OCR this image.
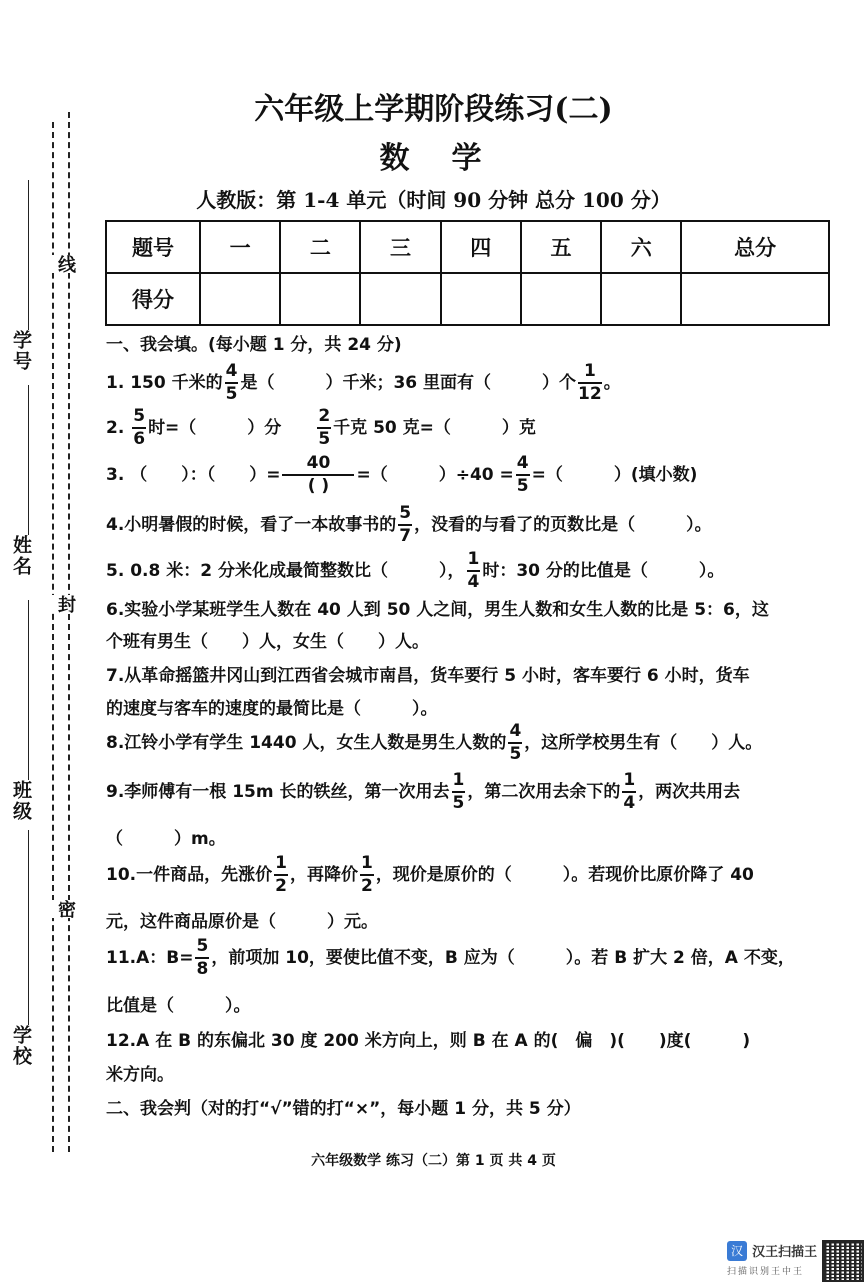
学号
姓名
班级
学校
线
封
密
六年级上学期阶段练习(二)
数　学
人教版：第 1-4 单元（时间 90 分钟 总分 100 分）
题号	一	二	三	四	五	六	总分
得分							
一、我会填。(每小题 1 分，共 24 分)
1. 150 千米的 $\frac{4}{5}$ 是（　　　）千米；36 里面有（　　　）个 $\frac{1}{12}$ 。
2. $\frac{5}{6}$ 时=（　　　）分　　 $\frac{2}{5}$ 千克 50 克=（　　　）克
3. （　　）：（　　）= $\frac{40}{( )}$ =（　　　）$\div 40 = \frac{4}{5}$ =（　　　）(填小数)
4.小明暑假的时候，看了一本故事书的 $\frac{5}{7}$ ，没看的与看了的页数比是（　　　）。
5. 0.8 米：2 分米化成最简整数比（　　　）， $\frac{1}{4}$ 时：30 分的比值是（　　　）。
6.实验小学某班学生人数在 40 人到 50 人之间，男生人数和女生人数的比是 5：6，这
个班有男生（　　）人，女生（　　）人。
7.从革命摇篮井冈山到江西省会城市南昌，货车要行 5 小时，客车要行 6 小时，货车
的速度与客车的速度的最简比是（　　　）。
8.江铃小学有学生 1440 人，女生人数是男生人数的 $\frac{4}{5}$ ，这所学校男生有（　　）人。
9.李师傅有一根 15m 长的铁丝，第一次用去 $\frac{1}{5}$ ，第二次用去余下的 $\frac{1}{4}$ ，两次共用去
（　　　）m。
10.一件商品，先涨价 $\frac{1}{2}$ ，再降价 $\frac{1}{2}$ ，现价是原价的（　　　）。若现价比原价降了 40
元，这件商品原价是（　　　）元。
11.A：$B= \frac{5}{8}$ ，前项加 10，要使比值不变，B 应为（　　　）。若 B 扩大 2 倍，A 不变，
比值是（　　　）。
12.A 在 B 的东偏北 30 度 200 米方向上，则 B 在 A 的(　偏　)(　　)度(　　　)
米方向。
二、我会判（对的打“√”错的打“×”，每小题 1 分，共 5 分）
六年级数学 练习（二）第 1 页 共 4 页
汉 汉王扫描王
扫描识别王中王
